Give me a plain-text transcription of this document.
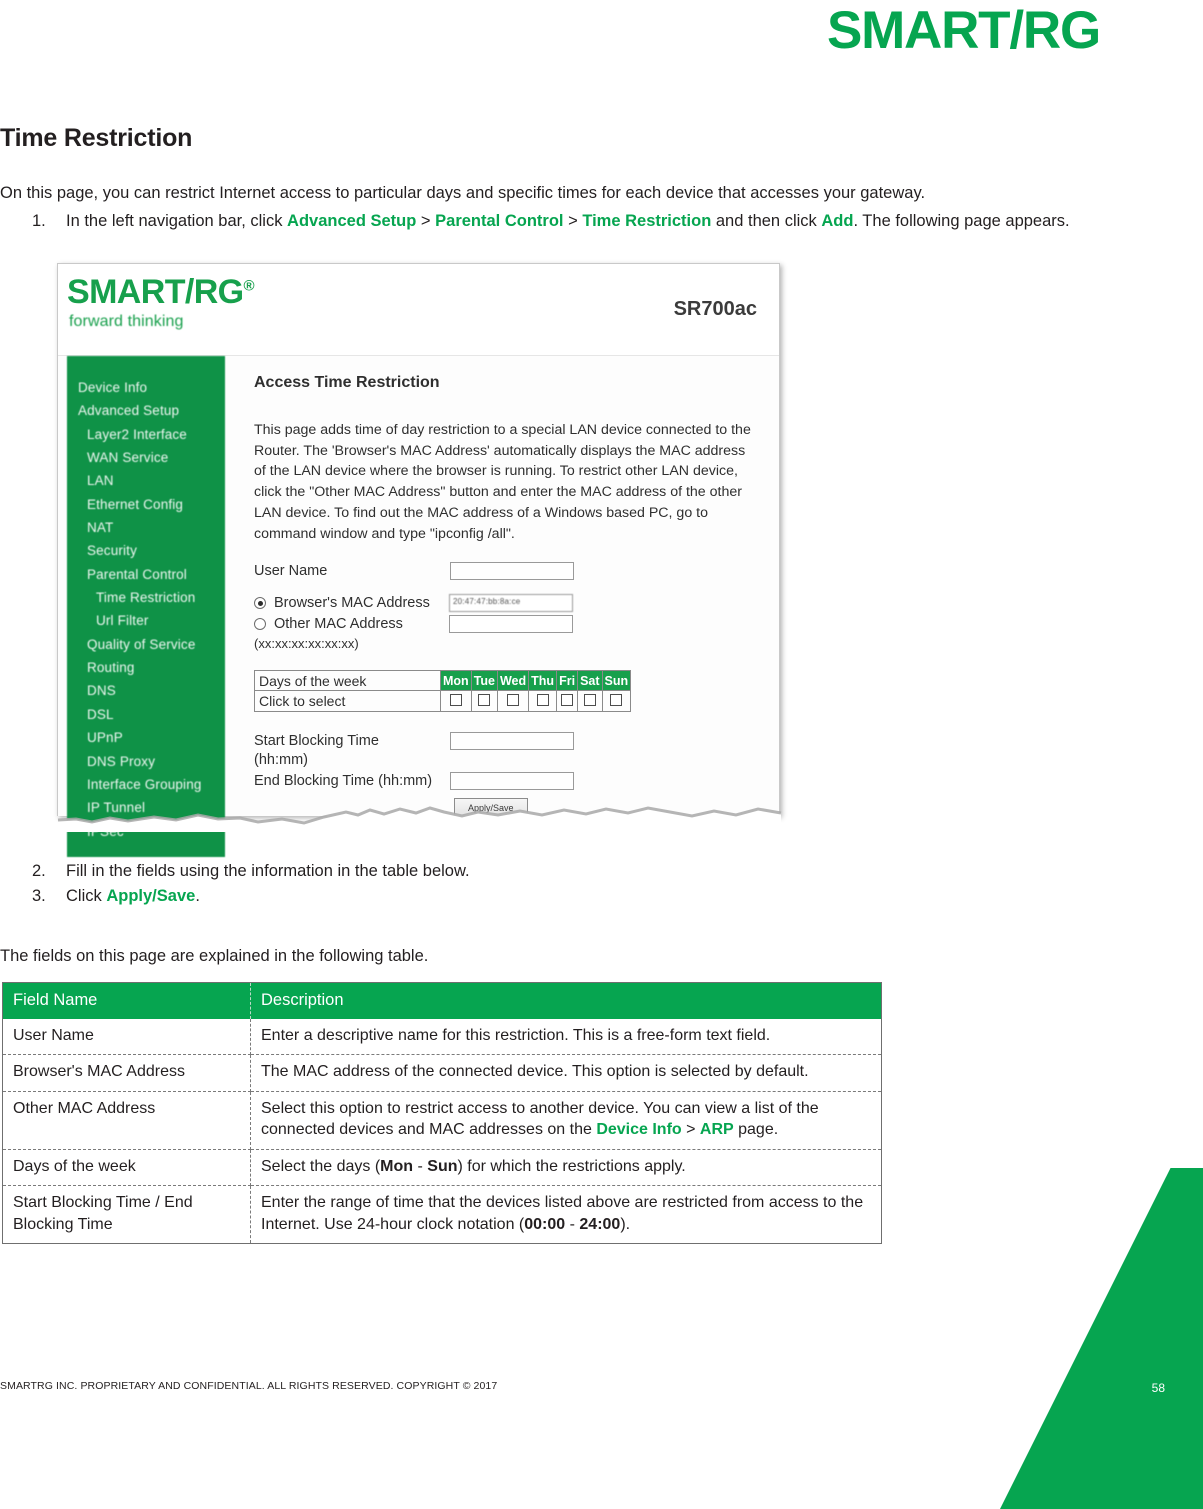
SMART/RG
Time Restriction

On this page, you can restrict Internet access to particular days and specific times for each device that accesses your gateway.

1.	In the left navigation bar, click Advanced Setup > Parental Control > Time Restriction and then click Add. The following page appears.
SMART/RG®
forward thinking
SR700ac
Device Info
Advanced Setup
Layer2 Interface
WAN Service
LAN
Ethernet Config
NAT
Security
Parental Control
Time Restriction
Url Filter
Quality of Service
Routing
DNS
DSL
UPnP
DNS Proxy
Interface Grouping
IP Tunnel
Access Time Restriction
This page adds time of day restriction to a special LAN device connected to the Router. The 'Browser's MAC Address' automatically displays the MAC address of the LAN device where the browser is running. To restrict other LAN device, click the "Other MAC Address" button and enter the MAC address of the other LAN device. To find out the MAC address of a Windows based PC, go to command window and type "ipconfig /all".
User Name
Browser's MAC Address	20:47:47:bb:8a:ce
Other MAC Address
(xx:xx:xx:xx:xx:xx)
Days of the week	Mon	Tue	Wed	Thu	Fri	Sat	Sun
Click to select							
Start Blocking Time
(hh:mm)
End Blocking Time (hh:mm)
Apply/Save
2.	Fill in the fields using the information in the table below.
3.	Click Apply/Save.

The fields on this page are explained in the following table.

Field Name	Description
User Name	Enter a descriptive name for this restriction. This is a free-form text field.
Browser's MAC Address	The MAC address of the connected device. This option is selected by default.
Other MAC Address	Select this option to restrict access to another device. You can view a list of the connected devices and MAC addresses on the Device Info > ARP page.
Days of the week	Select the days (Mon - Sun) for which the restrictions apply.
Start Blocking Time / End Blocking Time	Enter the range of time that the devices listed above are restricted from access to the Internet. Use 24-hour clock notation (00:00 - 24:00).
SMARTRG INC. PROPRIETARY AND CONFIDENTIAL. ALL RIGHTS RESERVED. COPYRIGHT © 2017	58
